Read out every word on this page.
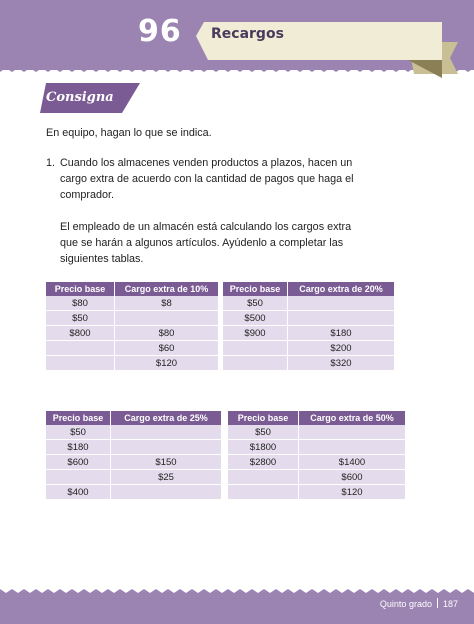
96 Recargos
Consigna

En equipo, hagan lo que se indica.

1. Cuando los almacenes venden productos a plazos, hacen un cargo extra de acuerdo con la cantidad de pagos que haga el comprador.

El empleado de un almacén está calculando los cargos extra que se harán a algunos artículos. Ayúdenlo a completar las siguientes tablas.

Precio base	Cargo extra de 10%
$80	$8
$50	
$800	$80
	$60
	$120
Precio base	Cargo extra de 20%
$50	
$500	
$900	$180
	$200
	$320
Precio base	Cargo extra de 25%
$50	
$180	
$600	$150
	$25
$400	
Precio base	Cargo extra de 50%
$50	
$1800	
$2800	$1400
	$600
	$120
Quinto grado 187
